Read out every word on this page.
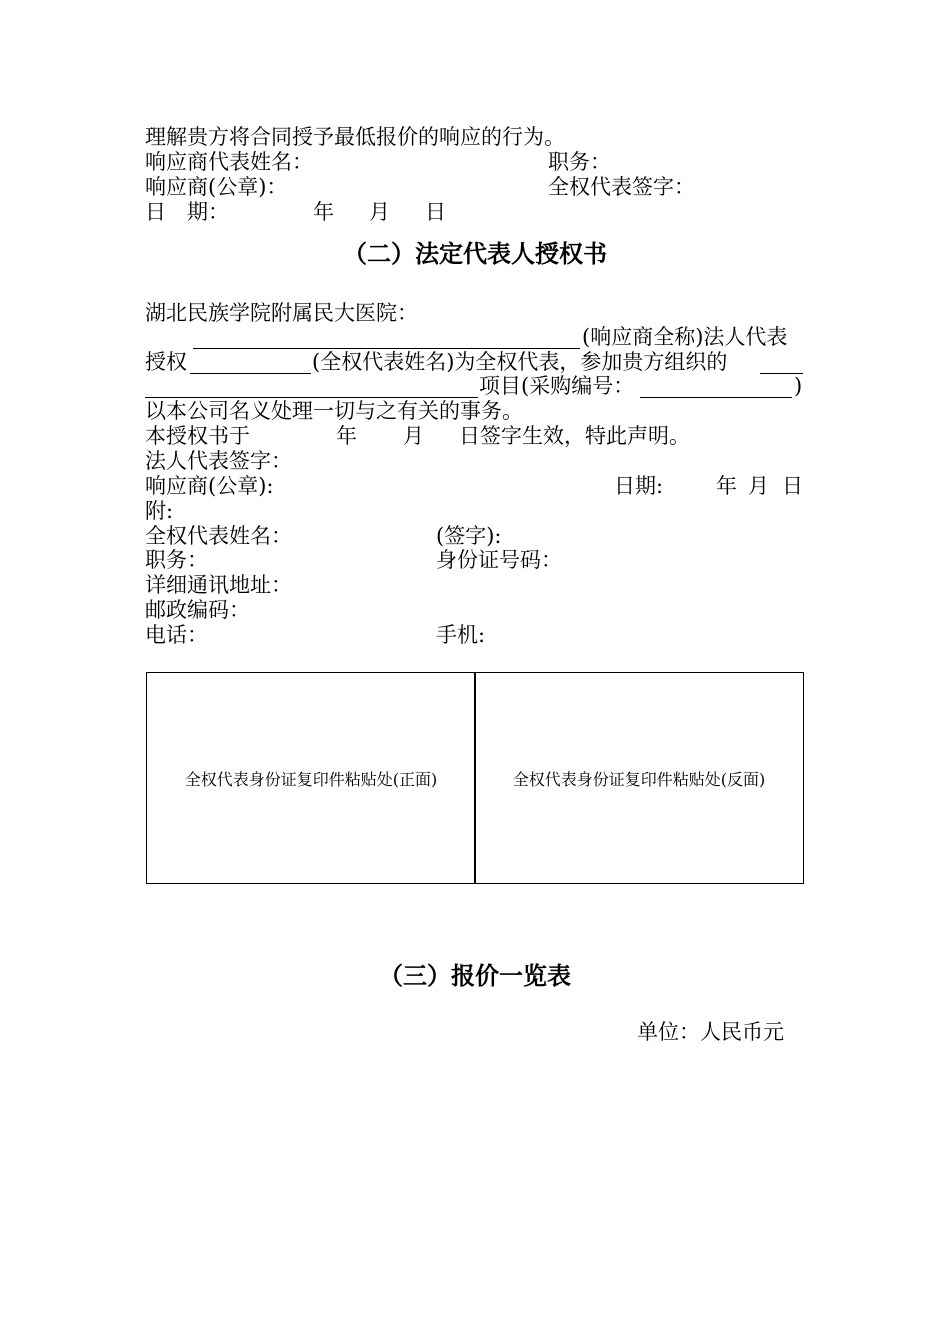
理解贵方将合同授予最低报价的响应的行为。
响应商代表姓名：	职务：
响应商(公章)：	全权代表签字：
日　期：	年 月 日
（二）法定代表人授权书
湖北民族学院附属民大医院：
(响应商全称)法人代表
授权	(全权代表姓名)为全权代表，参加贵方组织的
项目(采购编号：	)
以本公司名义处理一切与之有关的事务。
本授权书于	年 月 日签字生效，特此声明。
法人代表签字：
响应商(公章):	日期:	年 月 日
附:
全权代表姓名：	(签字):
职务：	身份证号码：
详细通讯地址：
邮政编码：
电话：	手机:
全权代表身份证复印件粘贴处(正面)	全权代表身份证复印件粘贴处(反面)
（三）报价一览表
单位：人民币元
